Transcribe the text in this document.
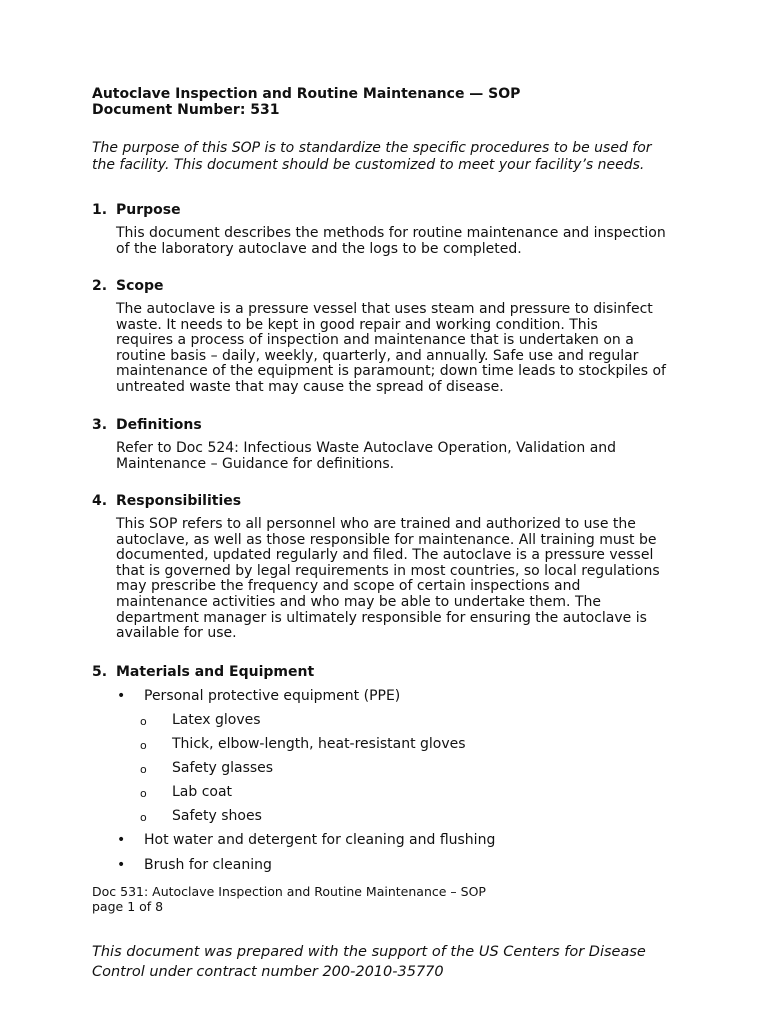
Autoclave Inspection and Routine Maintenance — SOP
Document Number: 531
The purpose of this SOP is to standardize the specific procedures to be used for
the facility. This document should be customized to meet your facility’s needs.
1. Purpose
This document describes the methods for routine maintenance and inspection
of the laboratory autoclave and the logs to be completed.
2. Scope
The autoclave is a pressure vessel that uses steam and pressure to disinfect
waste. It needs to be kept in good repair and working condition. This
requires a process of inspection and maintenance that is undertaken on a
routine basis – daily, weekly, quarterly, and annually. Safe use and regular
maintenance of the equipment is paramount; down time leads to stockpiles of
untreated waste that may cause the spread of disease.
3. Definitions
Refer to Doc 524: Infectious Waste Autoclave Operation, Validation and
Maintenance – Guidance for definitions.
4. Responsibilities
This SOP refers to all personnel who are trained and authorized to use the
autoclave, as well as those responsible for maintenance. All training must be
documented, updated regularly and filed. The autoclave is a pressure vessel
that is governed by legal requirements in most countries, so local regulations
may prescribe the frequency and scope of certain inspections and
maintenance activities and who may be able to undertake them. The
department manager is ultimately responsible for ensuring the autoclave is
available for use.
5. Materials and Equipment
• Personal protective equipment (PPE)
o Latex gloves
o Thick, elbow-length, heat-resistant gloves
o Safety glasses
o Lab coat
o Safety shoes
• Hot water and detergent for cleaning and flushing
• Brush for cleaning
Doc 531: Autoclave Inspection and Routine Maintenance – SOP
page 1 of 8
This document was prepared with the support of the US Centers for Disease
Control under contract number 200-2010-35770
